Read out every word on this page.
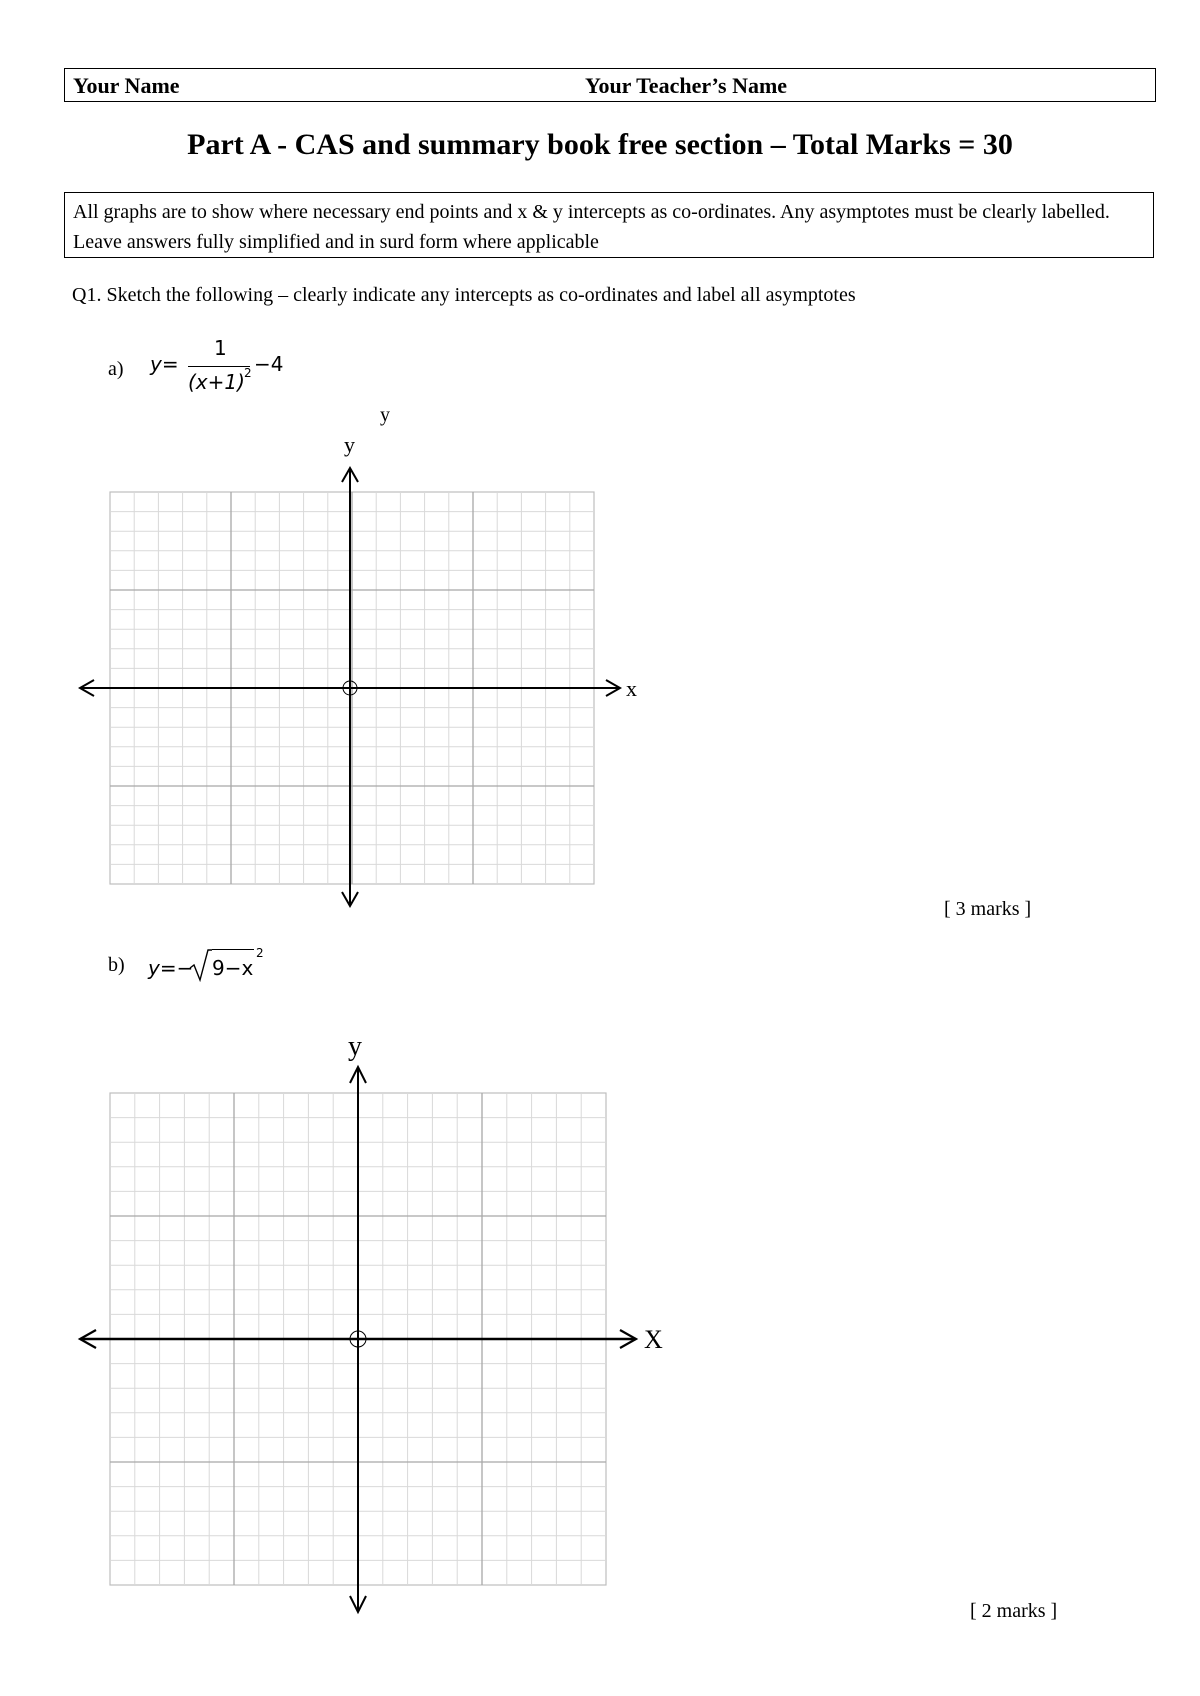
Your Name	Your Teacher’s Name
Part A - CAS and summary book free section – Total Marks = 30
All graphs are to show where necessary end points and x & y intercepts as co-ordinates. Any asymptotes must be clearly labelled. Leave answers fully simplified and in surd form where applicable
Q1. Sketch the following – clearly indicate any intercepts as co-ordinates and label all asymptotes
a) y=
1
(x+1) 2 −4
y
x
y
[ 3 marks ]
b) y=− 9−x
2
X
y
[ 2 marks ]
